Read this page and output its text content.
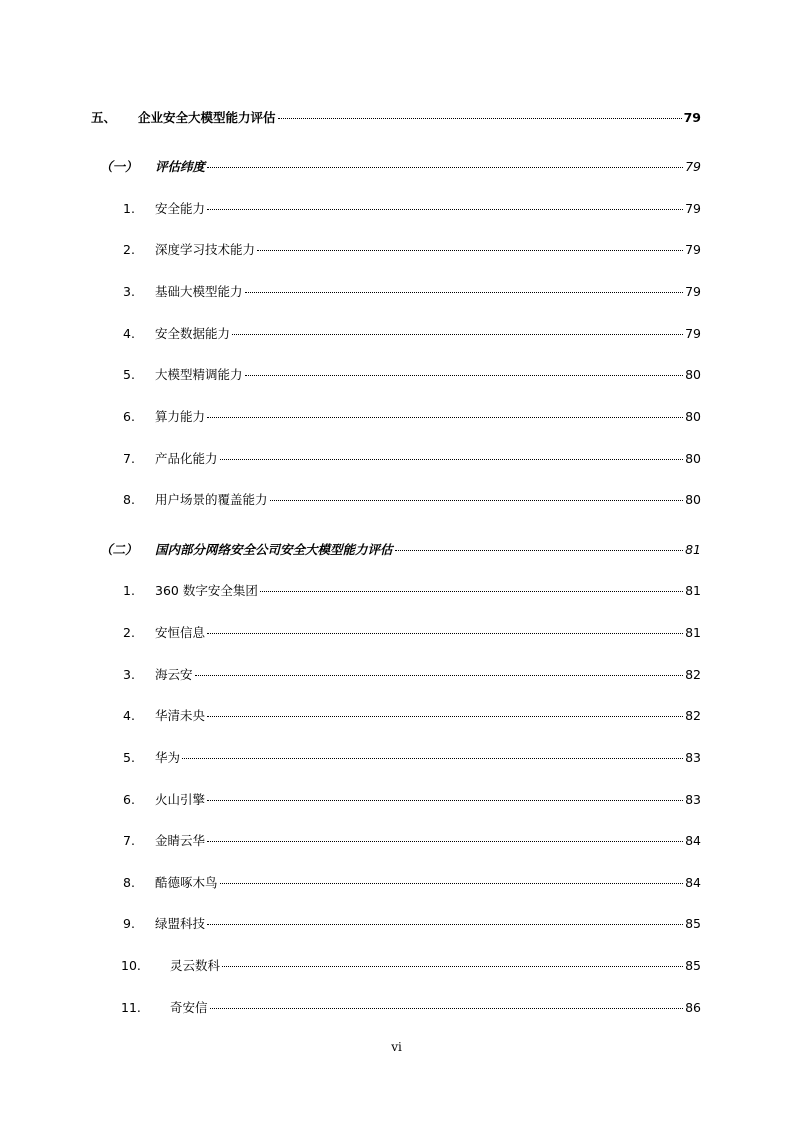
五、 企业安全大模型能力评估	79
（一） 评估纬度	79
1. 安全能力	79
2. 深度学习技术能力	79
3. 基础大模型能力	79
4. 安全数据能力	79
5. 大模型精调能力	80
6. 算力能力	80
7. 产品化能力	80
8. 用户场景的覆盖能力	80
（二） 国内部分网络安全公司安全大模型能力评估	81
1. 360 数字安全集团	81
2. 安恒信息	81
3. 海云安	82
4. 华清未央	82
5. 华为	83
6. 火山引擎	83
7. 金睛云华	84
8. 酷德啄木鸟	84
9. 绿盟科技	85
10. 灵云数科	85
11. 奇安信	86
vi
